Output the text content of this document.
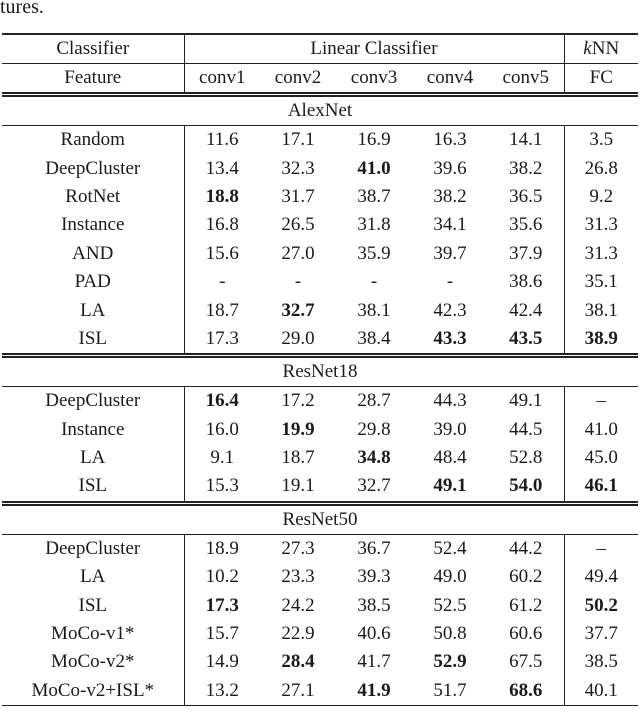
tures.
Classifier	Linear Classifier					kNN
Feature	conv1	conv2	conv3	conv4	conv5	FC
AlexNet						
Random	11.6	17.1	16.9	16.3	14.1	3.5
DeepCluster	13.4	32.3	41.0	39.6	38.2	26.8
RotNet	18.8	31.7	38.7	38.2	36.5	9.2
Instance	16.8	26.5	31.8	34.1	35.6	31.3
AND	15.6	27.0	35.9	39.7	37.9	31.3
PAD	-	-	-	-	38.6	35.1
LA	18.7	32.7	38.1	42.3	42.4	38.1
ISL	17.3	29.0	38.4	43.3	43.5	38.9
ResNet18						
DeepCluster	16.4	17.2	28.7	44.3	49.1	–
Instance	16.0	19.9	29.8	39.0	44.5	41.0
LA	9.1	18.7	34.8	48.4	52.8	45.0
ISL	15.3	19.1	32.7	49.1	54.0	46.1
ResNet50						
DeepCluster	18.9	27.3	36.7	52.4	44.2	–
LA	10.2	23.3	39.3	49.0	60.2	49.4
ISL	17.3	24.2	38.5	52.5	61.2	50.2
MoCo-v1*	15.7	22.9	40.6	50.8	60.6	37.7
MoCo-v2*	14.9	28.4	41.7	52.9	67.5	38.5
MoCo-v2+ISL*	13.2	27.1	41.9	51.7	68.6	40.1
